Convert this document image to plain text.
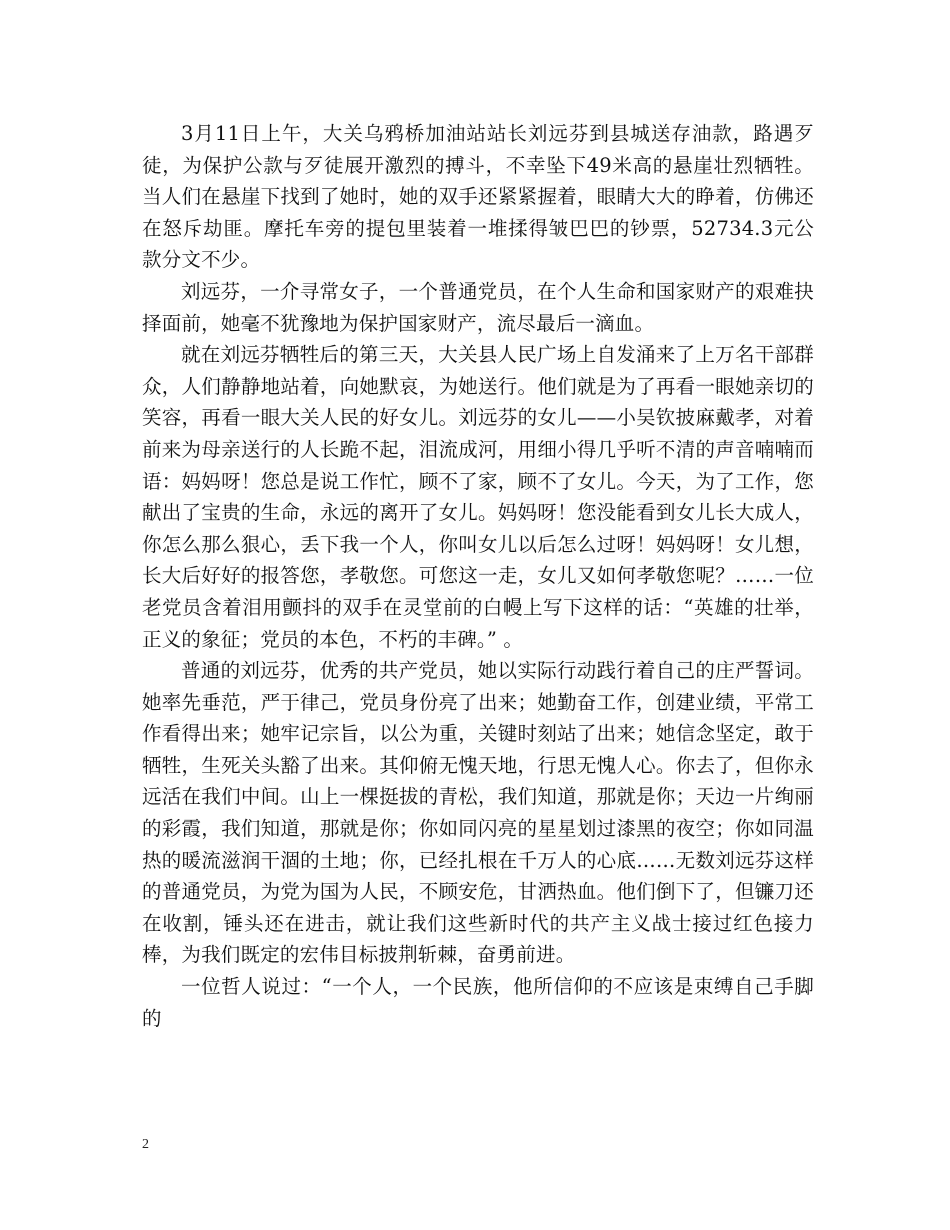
3月11日上午，大关乌鸦桥加油站站长刘远芬到县城送存油款，路遇歹徒，为保护公款与歹徒展开激烈的搏斗，不幸坠下49米高的悬崖壮烈牺牲。当人们在悬崖下找到了她时，她的双手还紧紧握着，眼睛大大的睁着，仿佛还在怒斥劫匪。摩托车旁的提包里装着一堆揉得皱巴巴的钞票，52734.3元公款分文不少。

刘远芬，一介寻常女子，一个普通党员，在个人生命和国家财产的艰难抉择面前，她毫不犹豫地为保护国家财产，流尽最后一滴血。

就在刘远芬牺牲后的第三天，大关县人民广场上自发涌来了上万名干部群众，人们静静地站着，向她默哀，为她送行。他们就是为了再看一眼她亲切的笑容，再看一眼大关人民的好女儿。刘远芬的女儿——小吴钦披麻戴孝，对着前来为母亲送行的人长跪不起，泪流成河，用细小得几乎听不清的声音喃喃而语：妈妈呀！您总是说工作忙，顾不了家，顾不了女儿。今天，为了工作，您献出了宝贵的生命，永远的离开了女儿。妈妈呀！您没能看到女儿长大成人，你怎么那么狠心，丢下我一个人，你叫女儿以后怎么过呀！妈妈呀！女儿想，长大后好好的报答您，孝敬您。可您这一走，女儿又如何孝敬您呢？……一位老党员含着泪用颤抖的双手在灵堂前的白幔上写下这样的话：“英雄的壮举，正义的象征；党员的本色，不朽的丰碑。” 。

普通的刘远芬，优秀的共产党员，她以实际行动践行着自己的庄严誓词。她率先垂范，严于律己，党员身份亮了出来；她勤奋工作，创建业绩，平常工作看得出来；她牢记宗旨，以公为重，关键时刻站了出来；她信念坚定，敢于牺牲，生死关头豁了出来。其仰俯无愧天地，行思无愧人心。你去了，但你永远活在我们中间。山上一棵挺拔的青松，我们知道，那就是你；天边一片绚丽的彩霞，我们知道，那就是你；你如同闪亮的星星划过漆黑的夜空；你如同温热的暖流滋润干涸的土地；你，已经扎根在千万人的心底……无数刘远芬这样的普通党员，为党为国为人民，不顾安危，甘洒热血。他们倒下了，但镰刀还在收割，锤头还在进击，就让我们这些新时代的共产主义战士接过红色接力棒，为我们既定的宏伟目标披荆斩棘，奋勇前进。

一位哲人说过：“一个人，一个民族，他所信仰的不应该是束缚自己手脚的

2
